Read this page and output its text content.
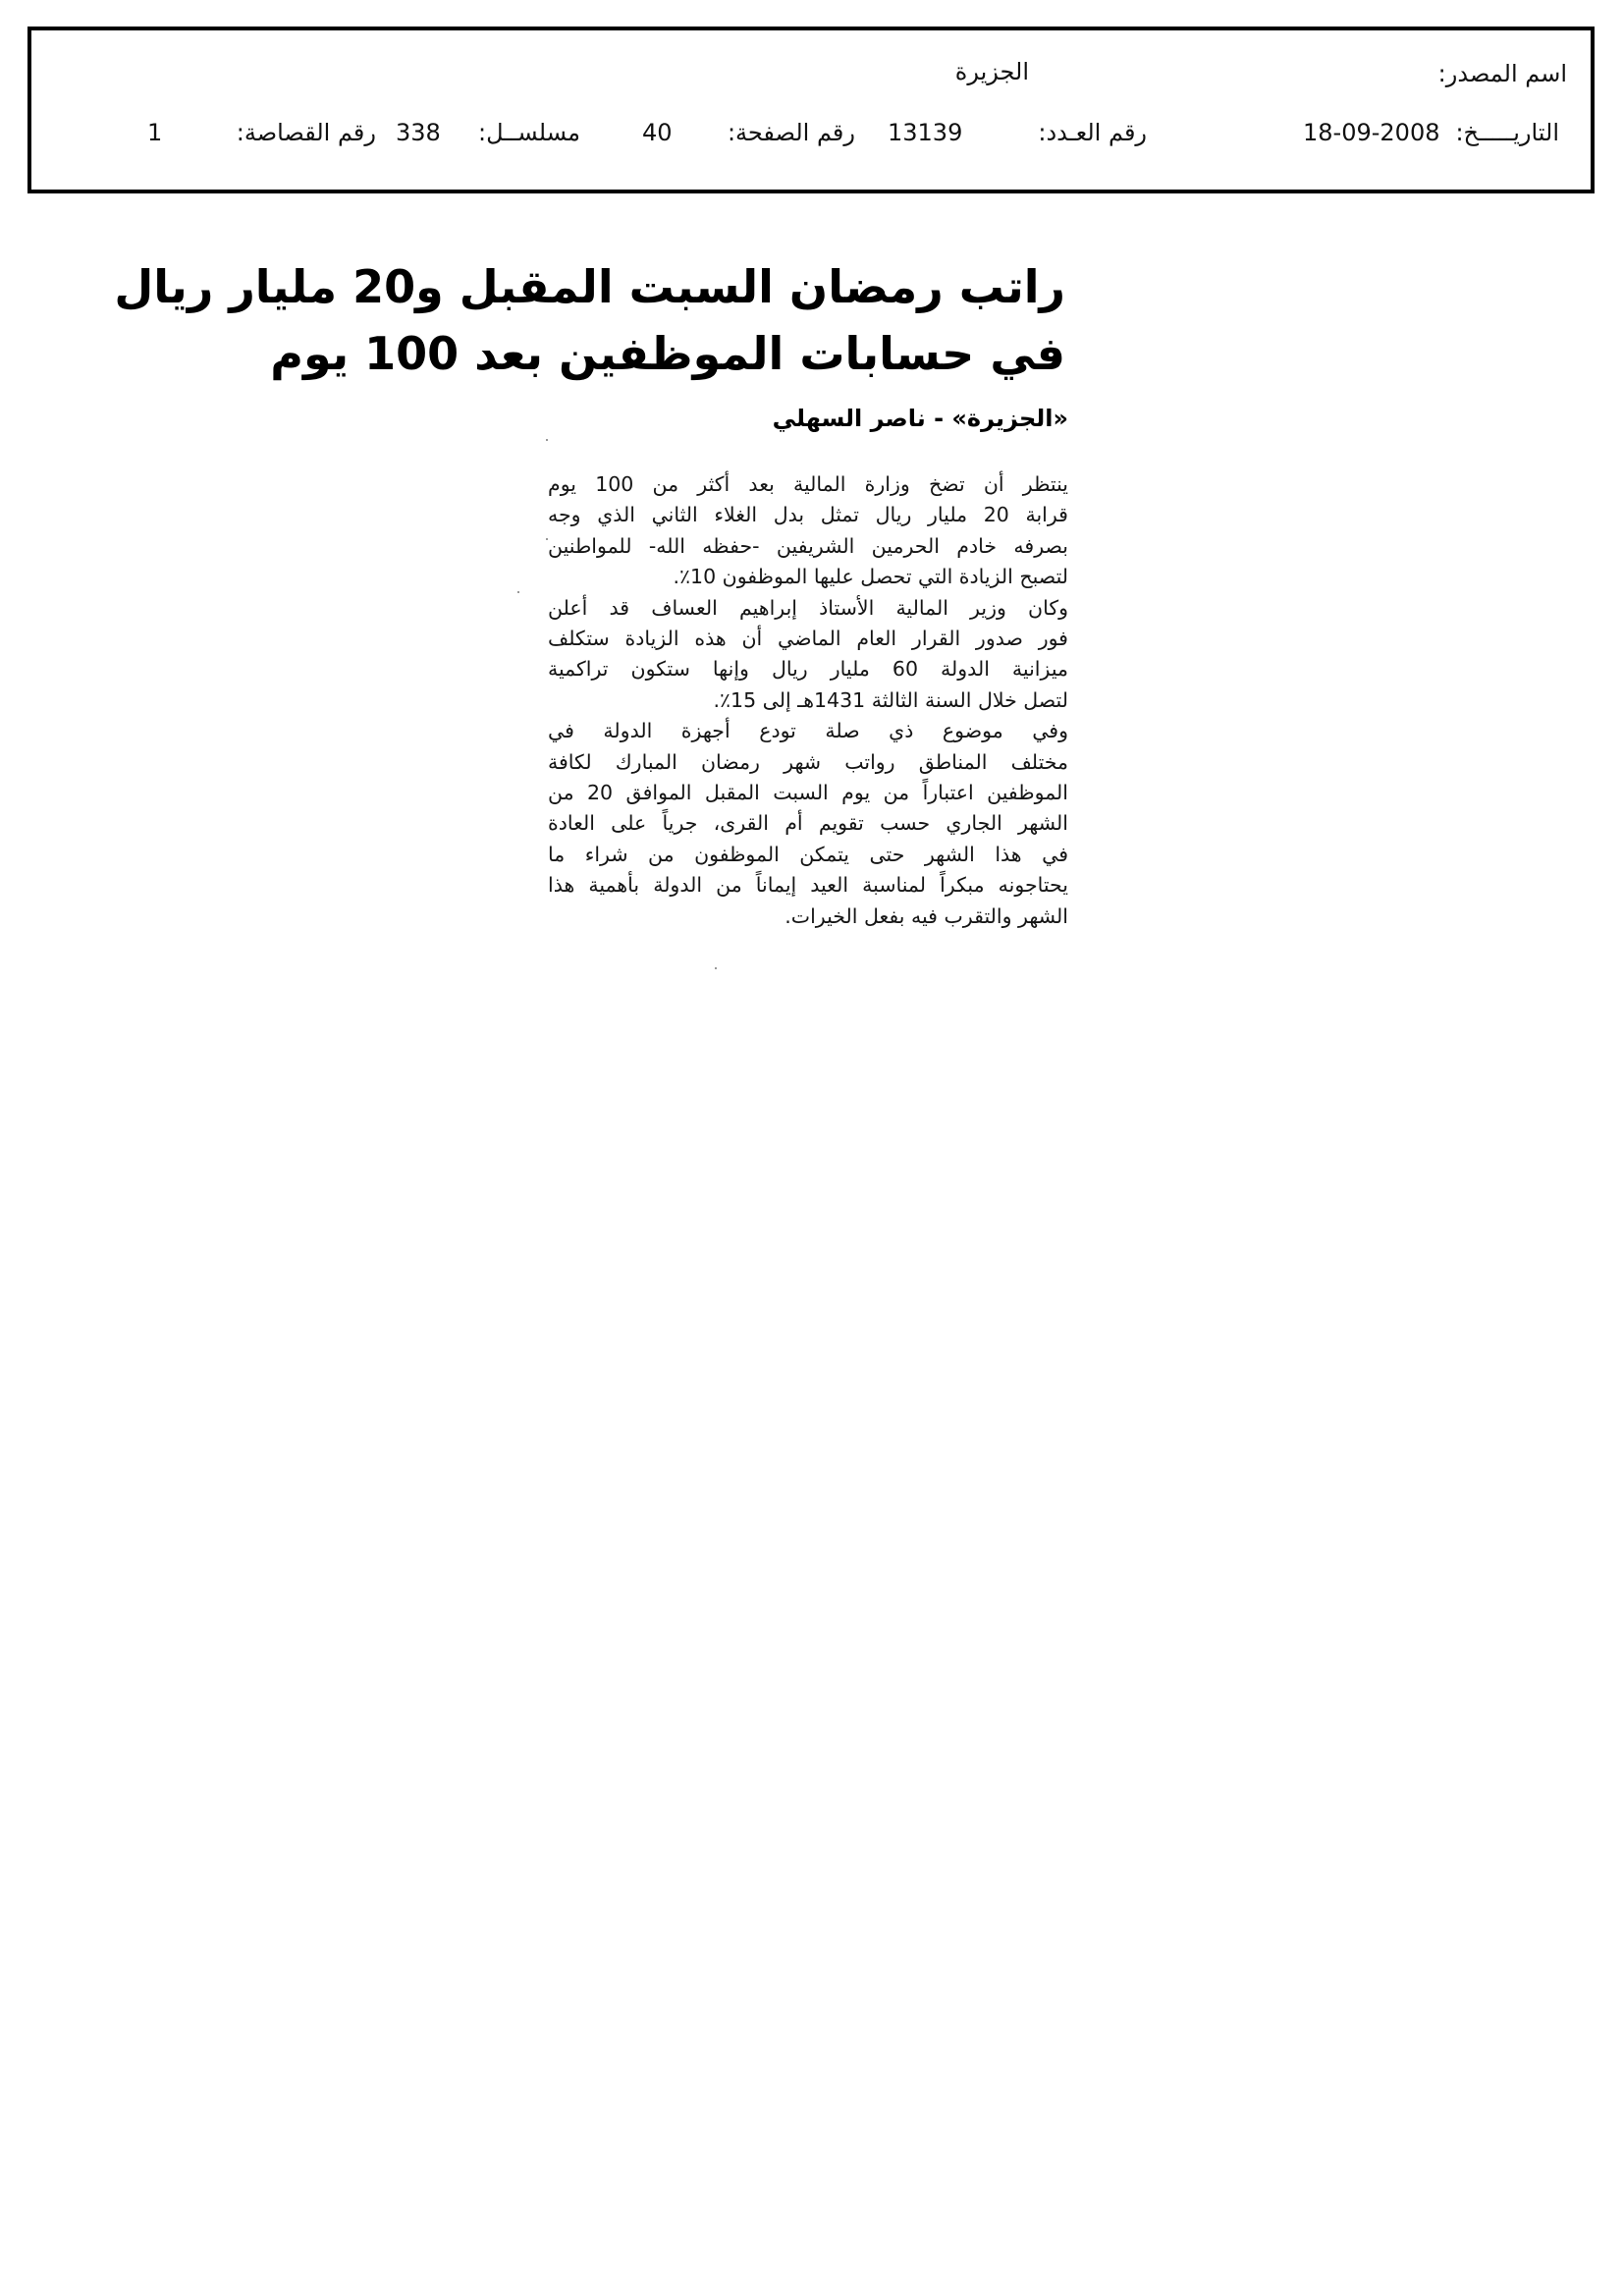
اسم المصدر:
الجزيرة
التاريـــــخ:
18-09-2008
رقم العـدد:
13139
رقم الصفحة:
40
مسلســل:
338
رقم القصاصة:
1
راتب رمضان السبت المقبل و20 مليار ريال
في حسابات الموظفين بعد 100 يوم
«الجزيرة» - ناصر السهلي
ينتظر أن تضخ وزارة المالية بعد أكثر من 100 يوم
قرابة 20 مليار ريال تمثل بدل الغلاء الثاني الذي وجه
بصرفه خادم الحرمين الشريفين -حفظه الله- للمواطنين
لتصبح الزيادة التي تحصل عليها الموظفون 10٪.
وكان وزير المالية الأستاذ إبراهيم العساف قد أعلن
فور صدور القرار العام الماضي أن هذه الزيادة ستكلف
ميزانية الدولة 60 مليار ريال وإنها ستكون تراكمية
لتصل خلال السنة الثالثة 1431هـ إلى 15٪.
وفي موضوع ذي صلة تودع أجهزة الدولة في
مختلف المناطق رواتب شهر رمضان المبارك لكافة
الموظفين اعتباراً من يوم السبت المقبل الموافق 20 من
الشهر الجاري حسب تقويم أم القرى، جرياً على العادة
في هذا الشهر حتى يتمكن الموظفون من شراء ما
يحتاجونه مبكراً لمناسبة العيد إيماناً من الدولة بأهمية هذا
الشهر والتقرب فيه بفعل الخيرات.
